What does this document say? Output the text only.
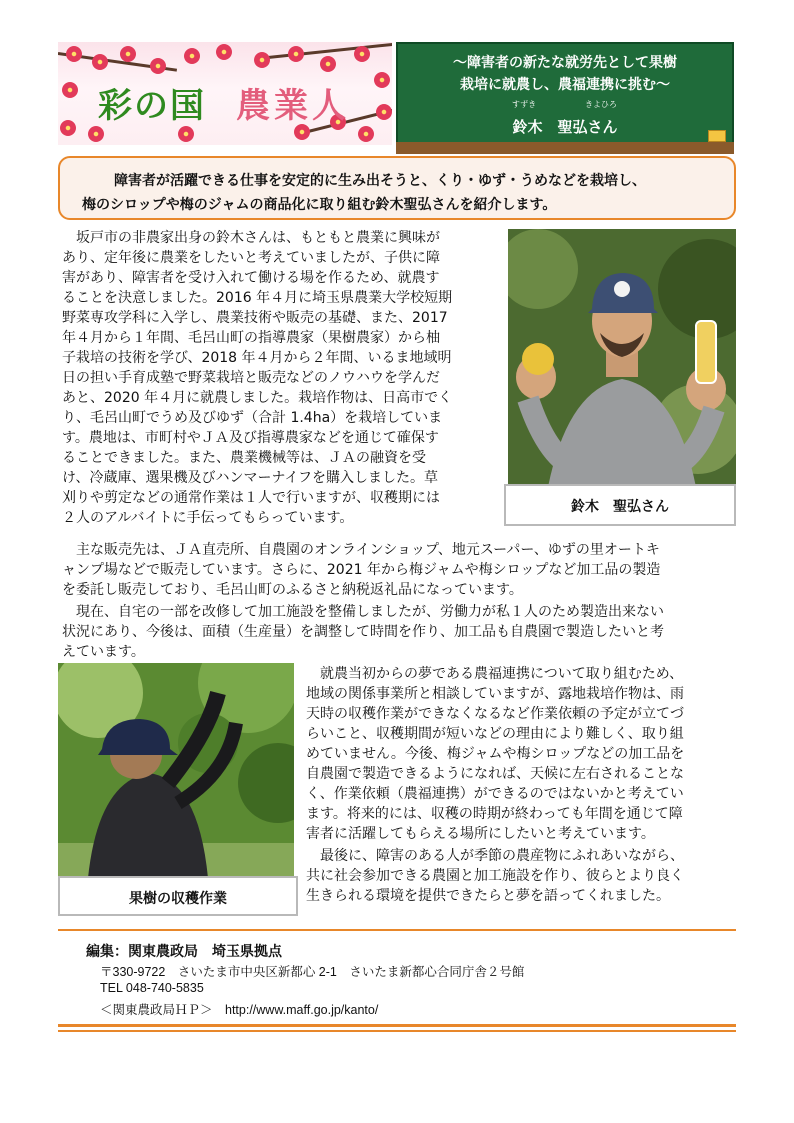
彩の国 農業人
～障害者の新たな就労先として果樹
栽培に就農し、農福連携に挑む～
すずき	きよひろ
鈴木　聖弘さん
障害者が活躍できる仕事を安定的に生み出そうと、くり・ゆず・うめなどを栽培し、
梅のシロップや梅のジャムの商品化に取り組む鈴木聖弘さんを紹介します。
　坂戸市の非農家出身の鈴木さんは、もともと農業に興味が
あり、定年後に農業をしたいと考えていましたが、子供に障
害があり、障害者を受け入れて働ける場を作るため、就農す
ることを決意しました。2016 年４月に埼玉県農業大学校短期
野菜専攻学科に入学し、農業技術や販売の基礎、また、2017
年４月から１年間、毛呂山町の指導農家（果樹農家）から柚
子栽培の技術を学び、2018 年４月から２年間、いるま地域明
日の担い手育成塾で野菜栽培と販売などのノウハウを学んだ
あと、2020 年４月に就農しました。栽培作物は、日高市でく
り、毛呂山町でうめ及びゆず（合計 1.4ha）を栽培していま
す。農地は、市町村やＪＡ及び指導農家などを通じて確保す
ることできました。また、農業機械等は、ＪＡの融資を受
け、冷蔵庫、選果機及びハンマーナイフを購入しました。草
刈りや剪定などの通常作業は１人で行いますが、収穫期には
２人のアルバイトに手伝ってもらっています。
鈴木　聖弘さん
　主な販売先は、ＪＡ直売所、自農園のオンラインショップ、地元スーパー、ゆずの里オートキ
ャンプ場などで販売しています。さらに、2021 年から梅ジャムや梅シロップなど加工品の製造
を委託し販売しており、毛呂山町のふるさと納税返礼品になっています。
　現在、自宅の一部を改修して加工施設を整備しましたが、労働力が私１人のため製造出来ない
状況にあり、今後は、面積（生産量）を調整して時間を作り、加工品も自農園で製造したいと考
えています。
果樹の収穫作業
　就農当初からの夢である農福連携について取り組むため、
地域の関係事業所と相談していますが、露地栽培作物は、雨
天時の収穫作業ができなくなるなど作業依頼の予定が立てづ
らいこと、収穫期間が短いなどの理由により難しく、取り組
めていません。今後、梅ジャムや梅シロップなどの加工品を
自農園で製造できるようになれば、天候に左右されることな
く、作業依頼（農福連携）ができるのではないかと考えてい
ます。将来的には、収穫の時期が終わっても年間を通じて障
害者に活躍してもらえる場所にしたいと考えています。
　最後に、障害のある人が季節の農産物にふれあいながら、
共に社会参加できる農園と加工施設を作り、彼らとより良く
生きられる環境を提供できたらと夢を語ってくれました。
編集：関東農政局　埼玉県拠点
〒330-9722　さいたま市中央区新都心 2-1　さいたま新都心合同庁舎２号館
TEL 048-740-5835
＜関東農政局ＨＰ＞　http://www.maff.go.jp/kanto/
